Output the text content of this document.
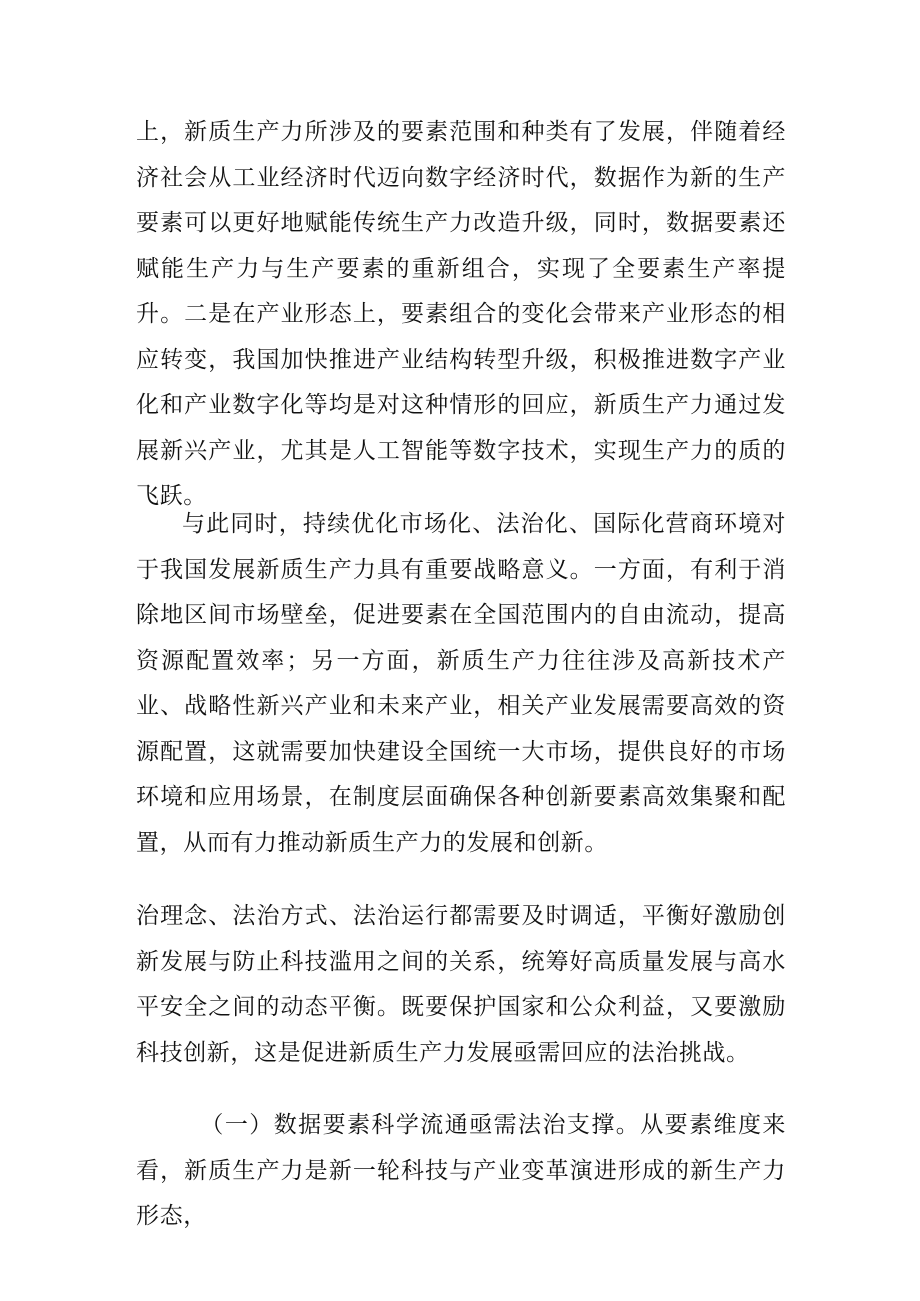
上，新质生产力所涉及的要素范围和种类有了发展，伴随着经济社会从工业经济时代迈向数字经济时代，数据作为新的生产要素可以更好地赋能传统生产力改造升级，同时，数据要素还赋能生产力与生产要素的重新组合，实现了全要素生产率提升。二是在产业形态上，要素组合的变化会带来产业形态的相应转变，我国加快推进产业结构转型升级，积极推进数字产业化和产业数字化等均是对这种情形的回应，新质生产力通过发展新兴产业，尤其是人工智能等数字技术，实现生产力的质的飞跃。

与此同时，持续优化市场化、法治化、国际化营商环境对于我国发展新质生产力具有重要战略意义。一方面，有利于消除地区间市场壁垒，促进要素在全国范围内的自由流动，提高资源配置效率；另一方面，新质生产力往往涉及高新技术产业、战略性新兴产业和未来产业，相关产业发展需要高效的资源配置，这就需要加快建设全国统一大市场，提供良好的市场环境和应用场景，在制度层面确保各种创新要素高效集聚和配置，从而有力推动新质生产力的发展和创新。

治理念、法治方式、法治运行都需要及时调适，平衡好激励创新发展与防止科技滥用之间的关系，统筹好高质量发展与高水平安全之间的动态平衡。既要保护国家和公众利益，又要激励科技创新，这是促进新质生产力发展亟需回应的法治挑战。

（一）数据要素科学流通亟需法治支撑。从要素维度来看，新质生产力是新一轮科技与产业变革演进形成的新生产力形态，
